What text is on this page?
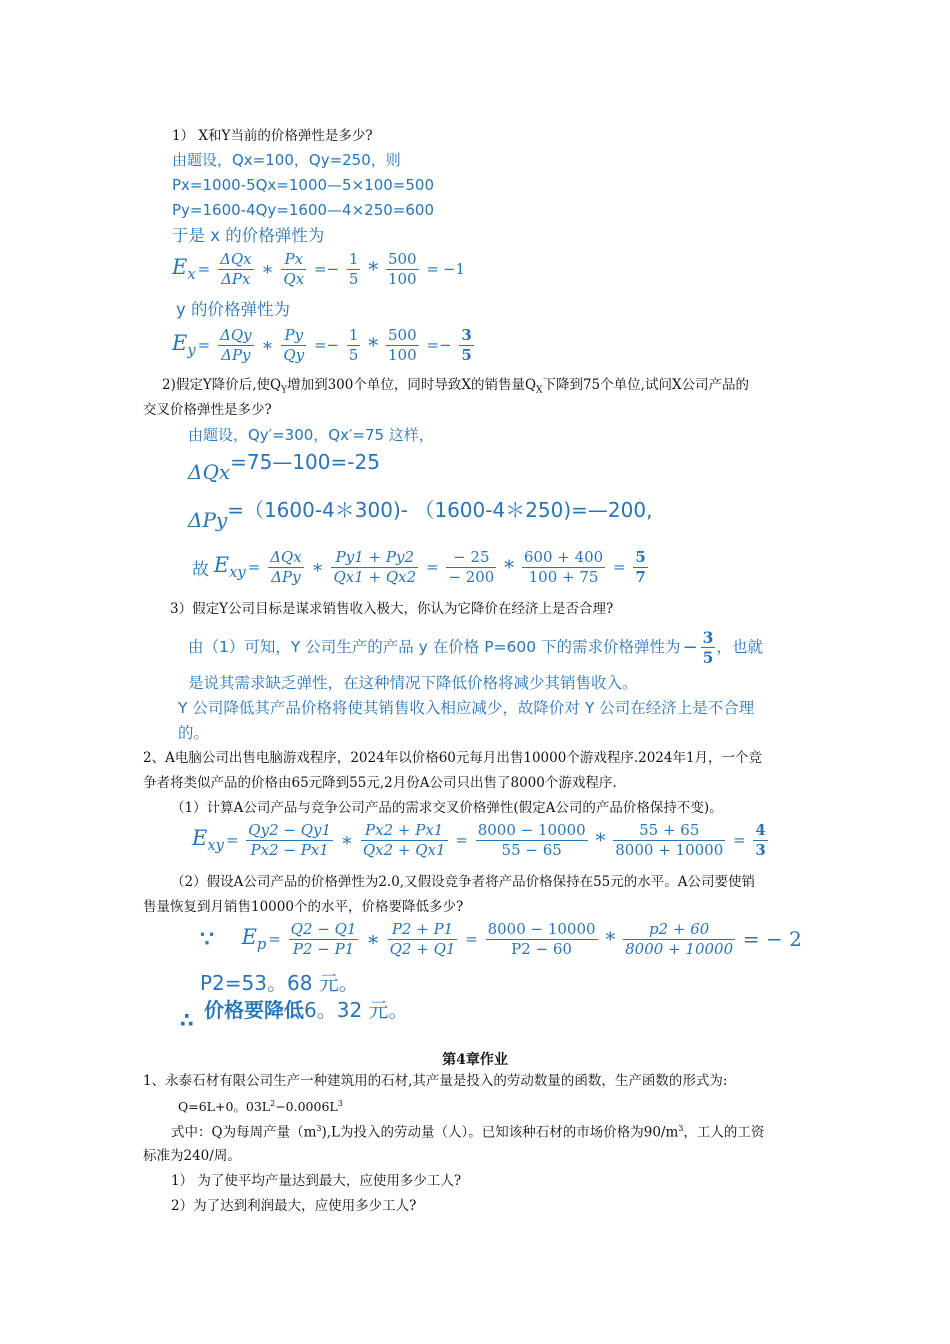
1） X和Y当前的价格弹性是多少?
由题设，Qx=100，Qy=250，则
Px=1000-5Qx=1000—5×100=500
Py=1600-4Qy=1600—4×250=600
于是 x 的价格弹性为
$E_x = \frac{\text{ΔQx}}{\text{ΔPx}}$ ∗ $\frac{Px}{Qx} =- \frac{1}{5} * \frac{500}{100} = -1$
y 的价格弹性为
$E_y = \frac{\text{ΔQy}}{\text{ΔPy}}$ ∗ $\frac{Py}{Qy} =- \frac{1}{5} * \frac{500}{100} =- \frac{3}{5}$
2)假定Y降价后,使$Q_Y$增加到300个单位，同时导致X的销售量$Q_X$下降到75个单位,试问X公司产品的
交叉价格弹性是多少?
由题设，Qy′=300，Qx′=75 这样，
ΔQx=75—100=-25
ΔPy=（1600-4＊300)- （1600-4＊250)=—200,
故 $E_{xy} = \frac{\text{ΔQx}}{\text{ΔPy}}$ ∗ $\frac{Py1 + Py2}{Qx1 + Qx2} = \frac{- 25}{- 200} * \frac{600 + 400}{100 + 75} = \frac{5}{7}$
3）假定Y公司目标是谋求销售收入极大，你认为它降价在经济上是否合理?
由（1）可知，Y 公司生产的产品 y 在价格 P=600 下的需求价格弹性为 − $\frac{3}{5}$ ，也就
是说其需求缺乏弹性，在这种情况下降低价格将减少其销售收入。
Y 公司降低其产品价格将使其销售收入相应减少，故降价对 Y 公司在经济上是不合理
的。
2、A电脑公司出售电脑游戏程序，2024年以价格60元每月出售10000个游戏程序.2024年1月，一个竞
争者将类似产品的价格由65元降到55元,2月份A公司只出售了8000个游戏程序.
（1）计算A公司产品与竞争公司产品的需求交叉价格弹性(假定A公司的产品价格保持不变)。
$E_{xy} = \frac{Qy2 - Qy1}{Px2 - Px1}$ ∗ $\frac{Px2 + Px1}{Qx2 + Qx1} = \frac{8000 - 10000}{55 - 65} * \frac{55 + 65}{8000 + 10000} = \frac{4}{3}$
（2）假设A公司产品的价格弹性为2.0,又假设竞争者将产品价格保持在55元的水平。A公司要使销
售量恢复到月销售10000个的水平，价格要降低多少?
∵ $E_p = \frac{Q2 - Q1}{P2 - P1}$ ∗ $\frac{P2 + P1}{Q2 + Q1} = \frac{8000 - 10000}{P2 - 60} * \frac{p2 + 60}{8000 + 10000}$ = − 2
P2=53。68 元。
∴ 价格要降低6。32 元。
第4章作业
1、永泰石材有限公司生产一种建筑用的石材,其产量是投入的劳动数量的函数，生产函数的形式为:
Q=6L+0。$03L^2-0.0006L^3$
式中：Q为每周产量$(m^3),L$为投入的劳动量（人）。已知该种石材的市场价格为$90/m^3$，工人的工资
标准为240/周。
1） 为了使平均产量达到最大，应使用多少工人?
2）为了达到利润最大，应使用多少工人?
